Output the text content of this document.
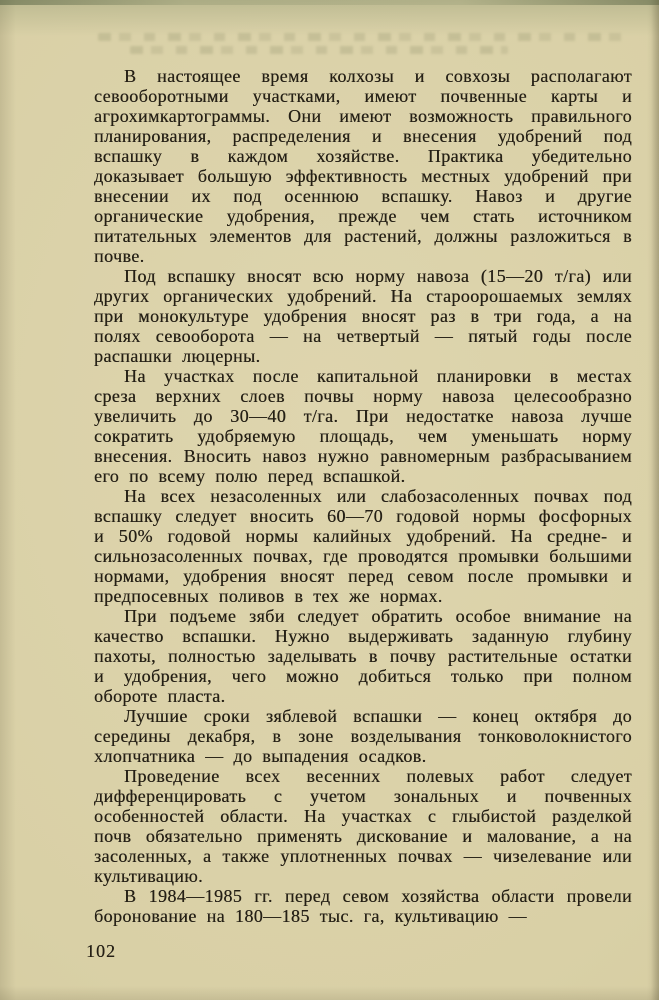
В настоящее время колхозы и совхозы располагают севооборотными участками, имеют почвенные карты и агрохимкартограммы. Они имеют возможность правильного планирования, распределения и внесения удобрений под вспашку в каждом хозяйстве. Практика убедительно доказывает большую эффективность местных удобрений при внесении их под осеннюю вспашку. Навоз и другие органические удобрения, прежде чем стать источником питательных элементов для растений, должны разложиться в почве.

Под вспашку вносят всю норму навоза (15—20 т/га) или других органических удобрений. На староорошаемых землях при монокультуре удобрения вносят раз в три года, а на полях севооборота — на четвертый — пятый годы после распашки люцерны.

На участках после капитальной планировки в местах среза верхних слоев почвы норму навоза целесообразно увеличить до 30—40 т/га. При недостатке навоза лучше сократить удобряемую площадь, чем уменьшать норму внесения. Вносить навоз нужно равномерным разбрасыванием его по всему полю перед вспашкой.

На всех незасоленных или слабозасоленных почвах под вспашку следует вносить 60—70 годовой нормы фосфорных и 50% годовой нормы калийных удобрений. На средне- и сильнозасоленных почвах, где проводятся промывки большими нормами, удобрения вносят перед севом после промывки и предпосевных поливов в тех же нормах.

При подъеме зяби следует обратить особое внимание на качество вспашки. Нужно выдерживать заданную глубину пахоты, полностью заделывать в почву растительные остатки и удобрения, чего можно добиться только при полном обороте пласта.

Лучшие сроки зяблевой вспашки — конец октября до середины декабря, в зоне возделывания тонковолокнистого хлопчатника — до выпадения осадков.

Проведение всех весенних полевых работ следует дифференцировать с учетом зональных и почвенных особенностей области. На участках с глыбистой разделкой почв обязательно применять дискование и малование, а на засоленных, а также уплотненных почвах — чизелевание или культивацию.

В 1984—1985 гг. перед севом хозяйства области провели боронование на 180—185 тыс. га, культивацию —

102
